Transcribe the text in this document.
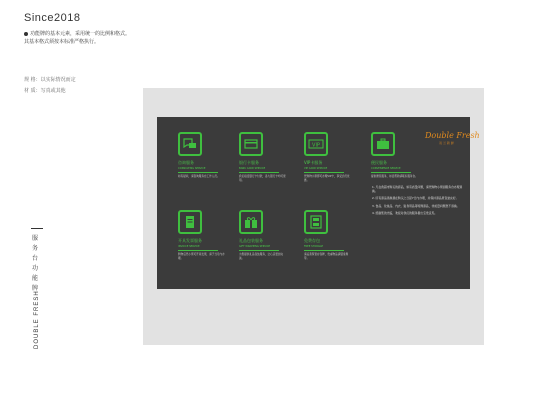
Since2018
功能牌的基本元素，采用统一的比例和格式。
其基本格式须按本标准严格执行。
规 格：以实际情况而定
材 质：写真或其他
咨询服务
CONSULTING SERVICE
如有疑问，请咨询服务台工作人员。
银行卡服务
BANK CARD SERVICE
我们接受银行卡付款，各大银行卡均可使用。
VIP
VIP卡服务
VIP CARD SERVICE
凭购物小票即可办理VIP卡，享受会员优惠。
便民服务
CONVENIENCE SERVICE
提供便民服务，如需帮助请联系服务台。
开具发票服务
INVOICE SERVICE
购物后凭小票可开具发票，请于当月内办理。
礼品包装服务
GIFT WRAPPING SERVICE
为您提供礼品包装服务，让心意更加完美。
免费存包
FREE STORAGE
请妥善保管存包牌，贵重物品请随身携带。
Double Fresh
双 兰 新 鲜

1. 凡在我超市购买的商品，如有质量问题，请凭购物小票到服务台办理退换。

2. 所有商品退换须在购买之日起7日内办理，并保持商品原包装完好。

3. 食品、化妆品、内衣、贴身用品等特殊商品，非质量问题恕不退换。

4. 感谢您的光临，欢迎对我们的服务提出宝贵意见。

服
务
台
功
能
牌
DOUBLE FRESH
